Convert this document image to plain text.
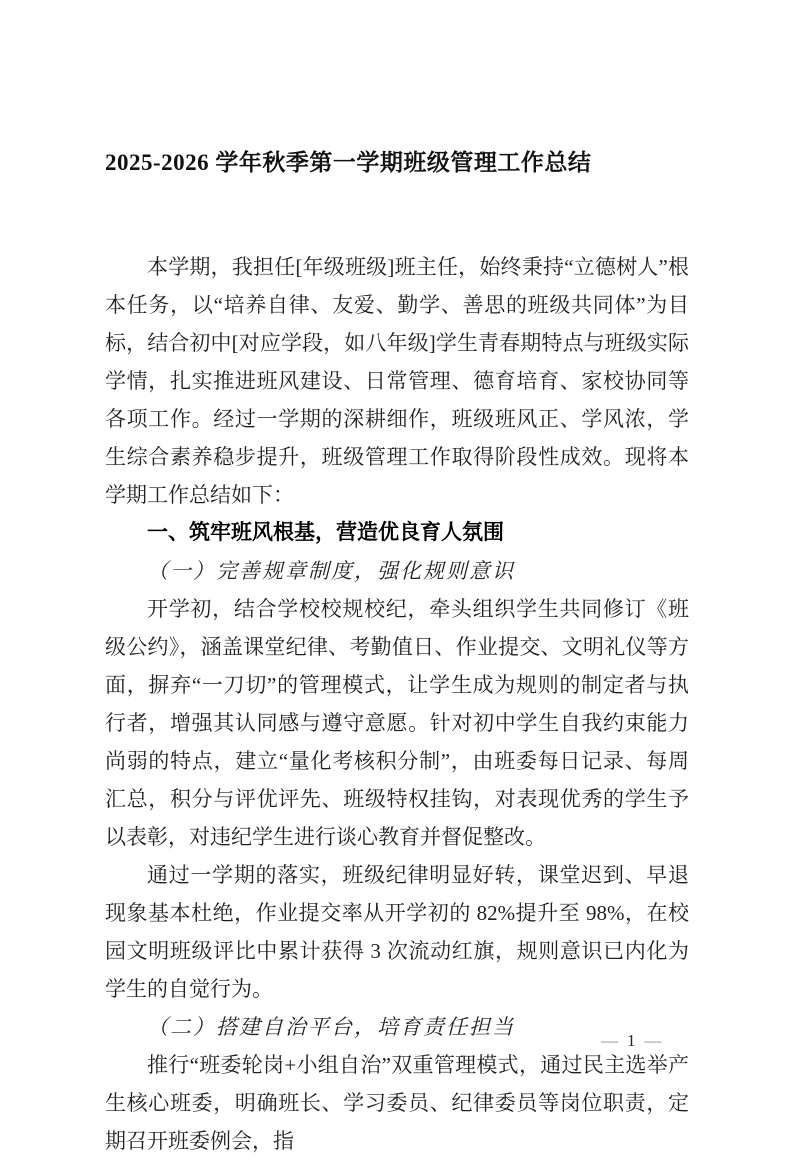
2025-2026 学年秋季第一学期班级管理工作总结

本学期，我担任[年级班级]班主任，始终秉持“立德树人”根本任务，以“培养自律、友爱、勤学、善思的班级共同体”为目标，结合初中[对应学段，如八年级]学生青春期特点与班级实际学情，扎实推进班风建设、日常管理、德育培育、家校协同等各项工作。经过一学期的深耕细作，班级班风正、学风浓，学生综合素养稳步提升，班级管理工作取得阶段性成效。现将本学期工作总结如下：

一、筑牢班风根基，营造优良育人氛围
（一）完善规章制度，强化规则意识

开学初，结合学校校规校纪，牵头组织学生共同修订《班级公约》，涵盖课堂纪律、考勤值日、作业提交、文明礼仪等方面，摒弃“一刀切”的管理模式，让学生成为规则的制定者与执行者，增强其认同感与遵守意愿。针对初中学生自我约束能力尚弱的特点，建立“量化考核积分制”，由班委每日记录、每周汇总，积分与评优评先、班级特权挂钩，对表现优秀的学生予以表彰，对违纪学生进行谈心教育并督促整改。

通过一学期的落实，班级纪律明显好转，课堂迟到、早退现象基本杜绝，作业提交率从开学初的 82%提升至 98%，在校园文明班级评比中累计获得 3 次流动红旗，规则意识已内化为学生的自觉行为。

（二）搭建自治平台，培育责任担当

推行“班委轮岗+小组自治”双重管理模式，通过民主选举产生核心班委，明确班长、学习委员、纪律委员等岗位职责，定期召开班委例会，指

— 1 —
